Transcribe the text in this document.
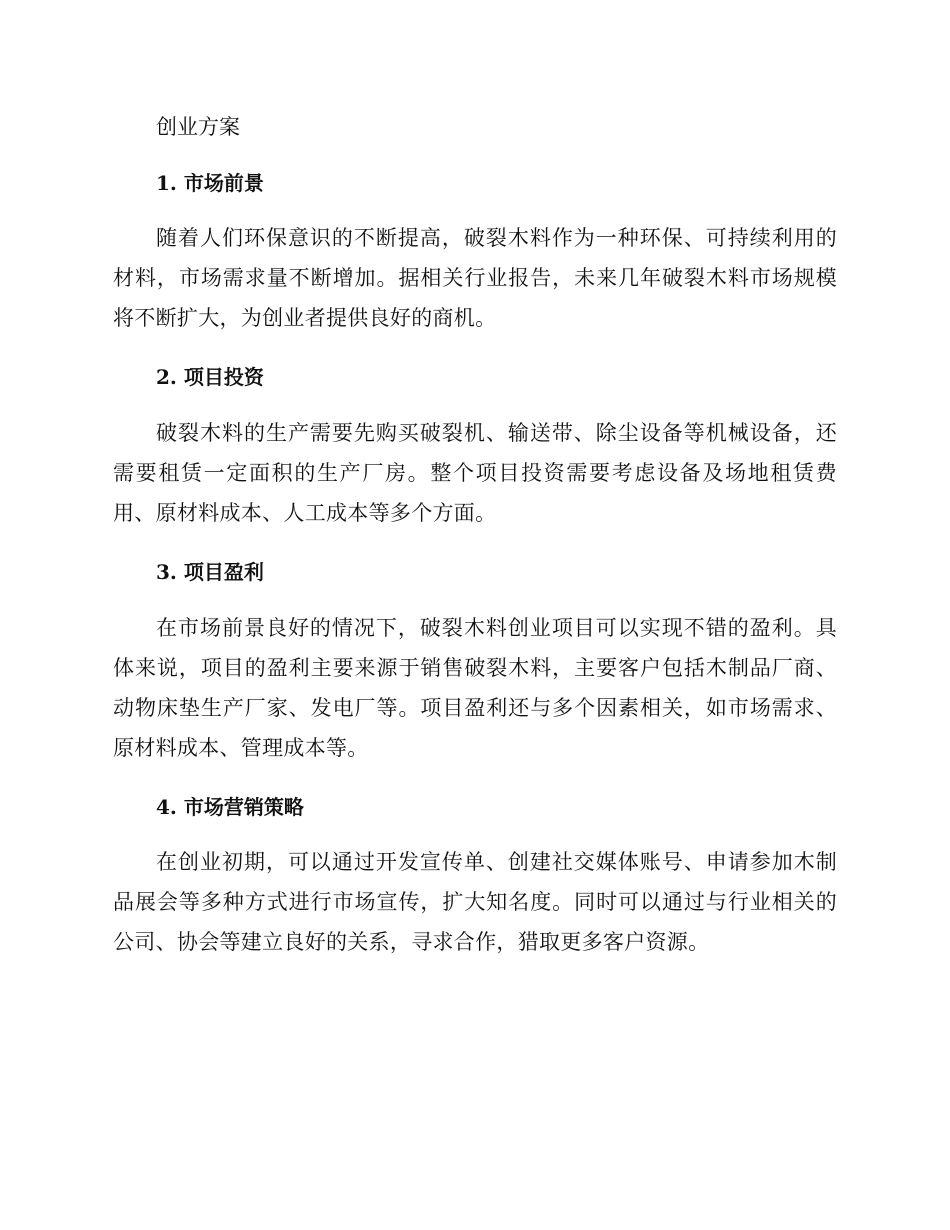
创业方案
1. 市场前景

随着人们环保意识的不断提高，破裂木料作为一种环保、可持续利用的材料，市场需求量不断增加。据相关行业报告，未来几年破裂木料市场规模将不断扩大，为创业者提供良好的商机。

2. 项目投资

破裂木料的生产需要先购买破裂机、输送带、除尘设备等机械设备，还需要租赁一定面积的生产厂房。整个项目投资需要考虑设备及场地租赁费用、原材料成本、人工成本等多个方面。

3. 项目盈利

在市场前景良好的情况下，破裂木料创业项目可以实现不错的盈利。具体来说，项目的盈利主要来源于销售破裂木料，主要客户包括木制品厂商、动物床垫生产厂家、发电厂等。项目盈利还与多个因素相关，如市场需求、原材料成本、管理成本等。

4. 市场营销策略

在创业初期，可以通过开发宣传单、创建社交媒体账号、申请参加木制品展会等多种方式进行市场宣传，扩大知名度。同时可以通过与行业相关的公司、协会等建立良好的关系，寻求合作，猎取更多客户资源。
